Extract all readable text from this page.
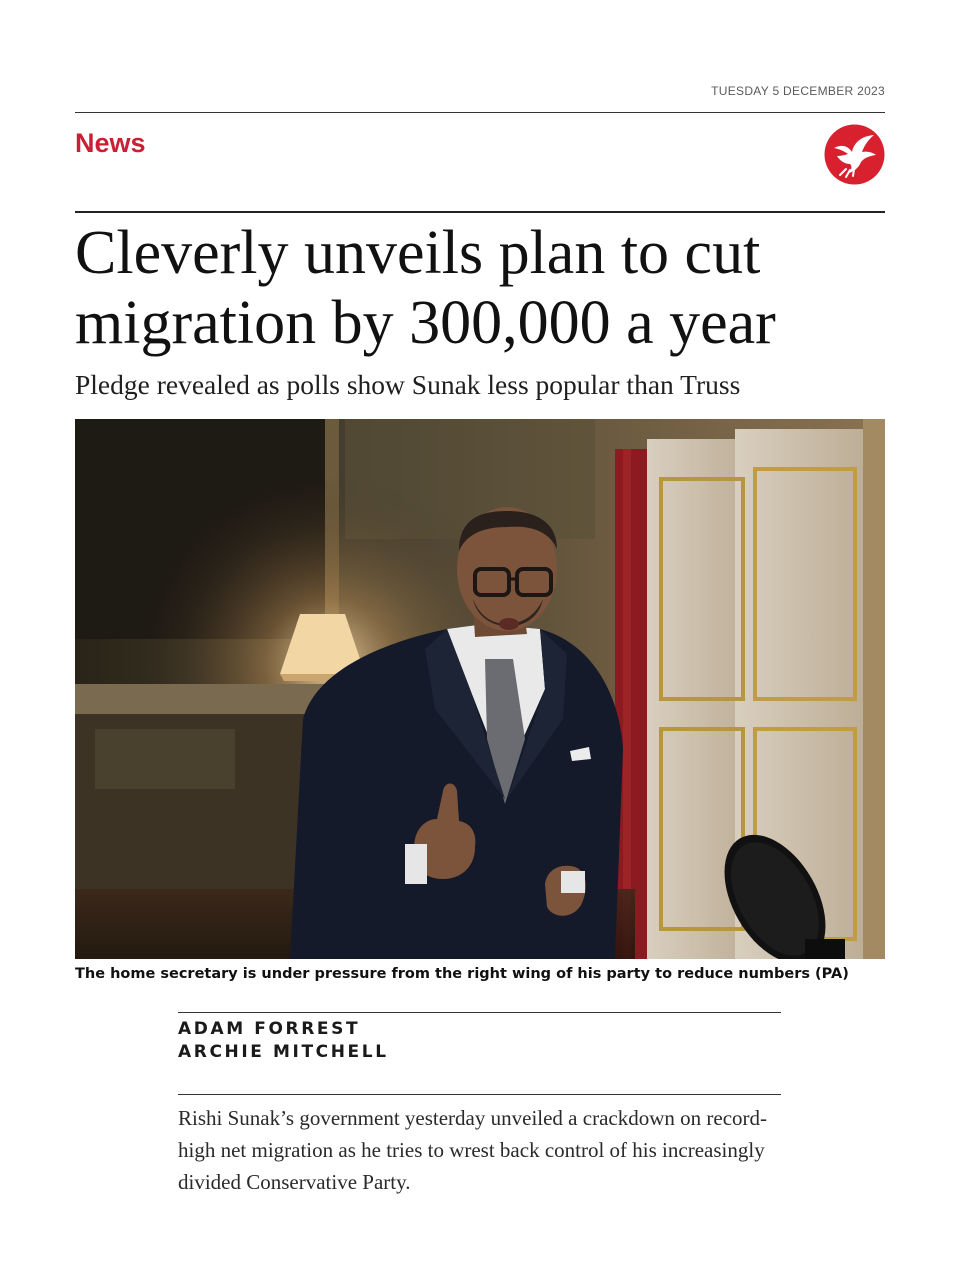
TUESDAY 5 DECEMBER 2023
News
Cleverly unveils plan to cut migration by 300,000 a year

Pledge revealed as polls show Sunak less popular than Truss

The home secretary is under pressure from the right wing of his party to reduce numbers (PA)
ADAM FORREST
ARCHIE MITCHELL

Rishi Sunak’s government yesterday unveiled a crackdown on record-high net migration as he tries to wrest back control of his increasingly divided Conservative Party.
